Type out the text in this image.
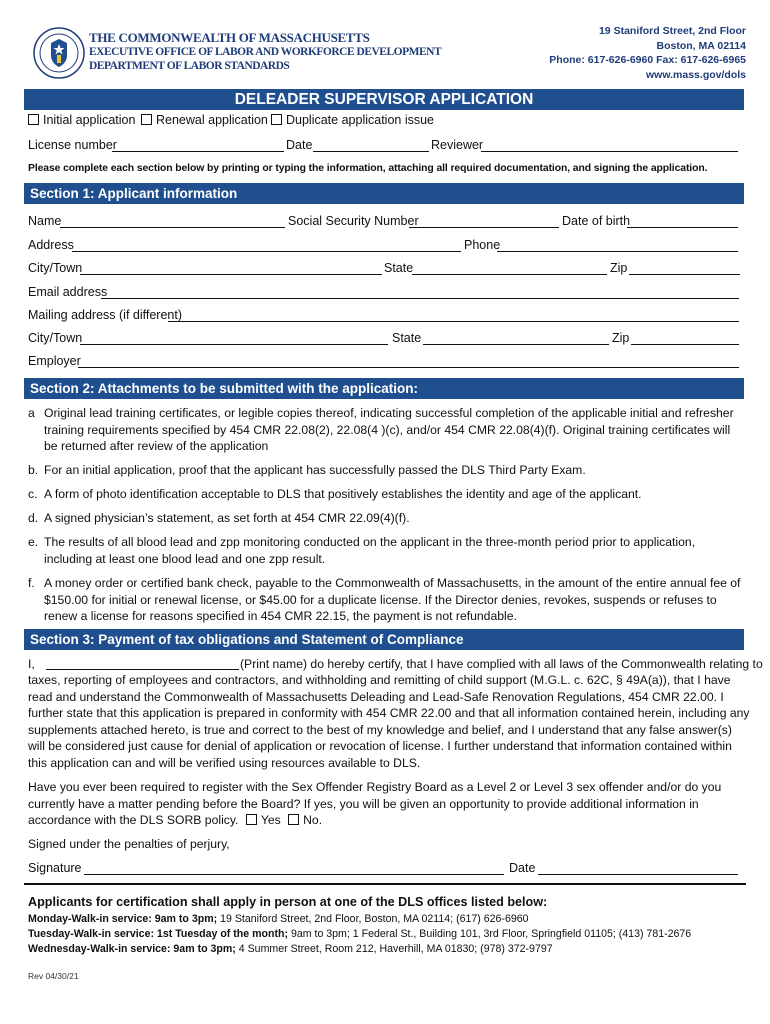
THE COMMONWEALTH OF MASSACHUSETTS
EXECUTIVE OFFICE OF LABOR AND WORKFORCE DEVELOPMENT
DEPARTMENT OF LABOR STANDARDS
19 Staniford Street, 2nd Floor
Boston, MA 02114
Phone: 617-626-6960 Fax: 617-626-6965
www.mass.gov/dols
DELEADER SUPERVISOR APPLICATION
Initial application	Renewal application	Duplicate application issue
License number	Date	Reviewer
Please complete each section below by printing or typing the information, attaching all required documentation, and signing the application.
Section 1: Applicant information
Name	Social Security Number	Date of birth
Address	Phone
City/Town	State	Zip
Email address
Mailing address (if different)
City/Town	State	Zip
Employer
Section 2: Attachments to be submitted with the application:
a Original lead training certificates, or legible copies thereof, indicating successful completion of the applicable initial and refresher training requirements specified by 454 CMR 22.08(2), 22.08(4 )(c), and/or 454 CMR 22.08(4)(f). Original training certificates will be returned after review of the application
b. For an initial application, proof that the applicant has successfully passed the DLS Third Party Exam.
c. A form of photo identification acceptable to DLS that positively establishes the identity and age of the applicant.
d. A signed physician’s statement, as set forth at 454 CMR 22.09(4)(f).
e. The results of all blood lead and zpp monitoring conducted on the applicant in the three-month period prior to application, including at least one blood lead and one zpp result.
f. A money order or certified bank check, payable to the Commonwealth of Massachusetts, in the amount of the entire annual fee of $150.00 for initial or renewal license, or $45.00 for a duplicate license. If the Director denies, revokes, suspends or refuses to renew a license for reasons specified in 454 CMR 22.15, the payment is not refundable.
Section 3: Payment of tax obligations and Statement of Compliance
I,	(Print name) do hereby certify, that I have complied with all laws of the Commonwealth relating to
taxes, reporting of employees and contractors, and withholding and remitting of child support (M.G.L. c. 62C, § 49A(a)), that I have read and understand the Commonwealth of Massachusetts Deleading and Lead-Safe Renovation Regulations, 454 CMR 22.00. I further state that this application is prepared in conformity with 454 CMR 22.00 and that all information contained herein, including any supplements attached hereto, is true and correct to the best of my knowledge and belief, and I understand that any false answer(s) will be considered just cause for denial of application or revocation of license. I further understand that information contained within this application can and will be verified using resources available to DLS.
Have you ever been required to register with the Sex Offender Registry Board as a Level 2 or Level 3 sex offender and/or do you currently have a matter pending before the Board? If yes, you will be given an opportunity to provide additional information in accordance with the DLS SORB policy. Yes No.
Signed under the penalties of perjury,
Signature	Date
Applicants for certification shall apply in person at one of the DLS offices listed below:
Monday-Walk-in service: 9am to 3pm; 19 Staniford Street, 2nd Floor, Boston, MA 02114; (617) 626-6960
Tuesday-Walk-in service: 1st Tuesday of the month; 9am to 3pm; 1 Federal St., Building 101, 3rd Floor, Springfield 01105; (413) 781-2676
Wednesday-Walk-in service: 9am to 3pm; 4 Summer Street, Room 212, Haverhill, MA 01830; (978) 372-9797
Rev 04/30/21
